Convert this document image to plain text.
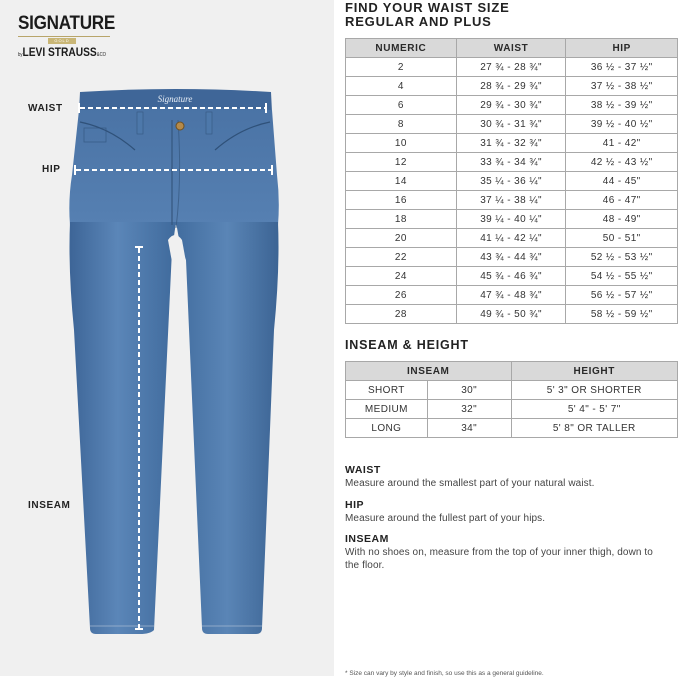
SIGNATURE
GOLD
byLEVI STRAUSS&CO
Signature
WAIST
HIP
INSEAM
FIND YOUR WAIST SIZE
REGULAR AND PLUS
NUMERIC	WAIST	HIP
2	27 ¾ - 28 ¾"	36 ½ - 37 ½"
4	28 ¾ - 29 ¾"	37 ½ - 38 ½"
6	29 ¾ - 30 ¾"	38 ½ - 39 ½"
8	30 ¾ - 31 ¾"	39 ½ - 40 ½"
10	31 ¾ - 32 ¾"	41 - 42"
12	33 ¾ - 34 ¾"	42 ½ - 43 ½"
14	35 ¼ - 36 ¼"	44 - 45"
16	37 ¼ - 38 ¼"	46 - 47"
18	39 ¼ - 40 ¼"	48 - 49"
20	41 ¼ - 42 ¼"	50 - 51"
22	43 ¾ - 44 ¾"	52 ½ - 53 ½"
24	45 ¾ - 46 ¾"	54 ½ - 55 ½"
26	47 ¾ - 48 ¾"	56 ½ - 57 ½"
28	49 ¾ - 50 ¾"	58 ½ - 59 ½"
INSEAM & HEIGHT
INSEAM		HEIGHT
SHORT	30"	5' 3" OR SHORTER
MEDIUM	32"	5' 4" - 5' 7"
LONG	34"	5' 8" OR TALLER
WAIST
Measure around the smallest part of your natural waist.
HIP
Measure around the fullest part of your hips.
INSEAM
With no shoes on, measure from the top of your inner thigh, down to the floor.
* Size can vary by style and finish, so use this as a general guideline.
